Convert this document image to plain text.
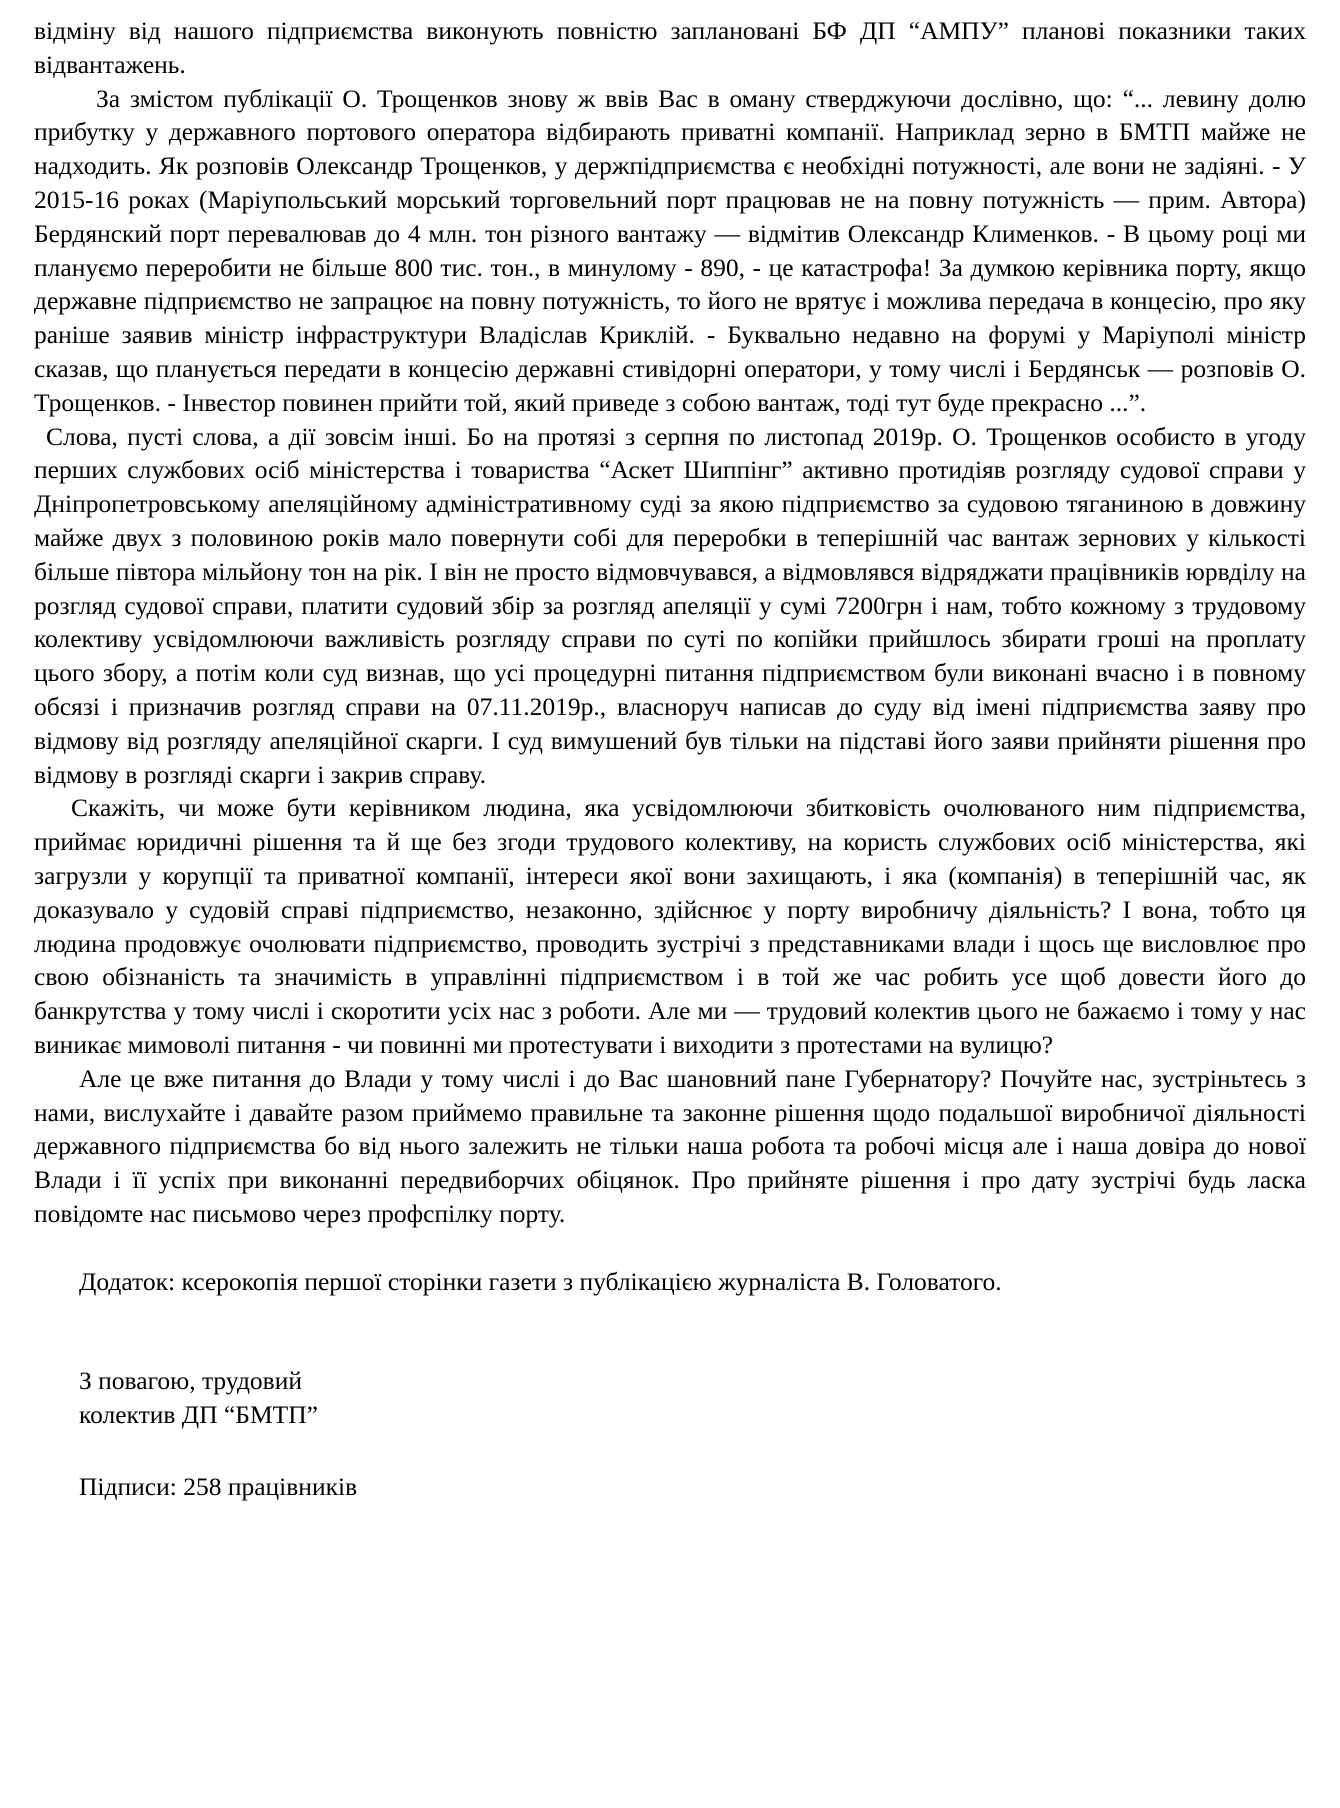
відміну від нашого підприємства виконують повністю заплановані БФ ДП “АМПУ” планові показники таких відвантажень.

За змістом публікації О. Трощенков знову ж ввів Вас в оману стверджуючи дослівно, що: “... левину долю прибутку у державного портового оператора відбирають приватні компанії. Наприклад зерно в БМТП майже не надходить. Як розповів Олександр Трощенков, у держпідприємства є необхідні потужності, але вони не задіяні. - У 2015-16 роках (Маріупольський морський торговельний порт працював не на повну потужність — прим. Автора) Бердянский порт перевалював до 4 млн. тон різного вантажу — відмітив Олександр Клименков. - В цьому році ми плануємо переробити не більше 800 тис. тон., в минулому - 890, - це катастрофа! За думкою керівника порту, якщо державне підприємство не запрацює на повну потужність, то його не врятує і можлива передача в концесію, про яку раніше заявив міністр інфраструктури Владіслав Криклій. - Буквально недавно на форумі у Маріуполі міністр сказав, що планується передати в концесію державні стивідорні оператори, у тому числі і Бердянськ — розповів О. Трощенков. - Інвестор повинен прийти той, який приведе з собою вантаж, тоді тут буде прекрасно ...”.

Слова, пусті слова, а дії зовсім інші. Бо на протязі з серпня по листопад 2019р. О. Трощенков особисто в угоду перших службових осіб міністерства і товариства “Аскет Шиппінг” активно протидіяв розгляду судової справи у Дніпропетровському апеляційному адміністративному суді за якою підприємство за судовою тяганиною в довжину майже двух з половиною років мало повернути собі для переробки в теперішній час вантаж зернових у кількості більше півтора мільйону тон на рік. І він не просто відмовчувався, а відмовлявся відряджати працівників юрвділу на розгляд судової справи, платити судовий збір за розгляд апеляції у сумі 7200грн і нам, тобто кожному з трудовому колективу усвідомлюючи важливість розгляду справи по суті по копійки прийшлось збирати гроші на проплату цього збору, а потім коли суд визнав, що усі процедурні питання підприємством були виконані вчасно і в повному обсязі і призначив розгляд справи на 07.11.2019р., власноруч написав до суду від імені підприємства заяву про відмову від розгляду апеляційної скарги. І суд вимушений був тільки на підставі його заяви прийняти рішення про відмову в розгляді скарги і закрив справу.

Скажіть, чи може бути керівником людина, яка усвідомлюючи збитковість очолюваного ним підприємства, приймає юридичні рішення та й ще без згоди трудового колективу, на користь службових осіб міністерства, які загрузли у корупції та приватної компанії, інтереси якої вони захищають, і яка (компанія) в теперішній час, як доказувало у судовій справі підприємство, незаконно, здійснює у порту виробничу діяльність? І вона, тобто ця людина продовжує очолювати підприємство, проводить зустрічі з представниками влади і щось ще висловлює про свою обізнаність та значимість в управлінні підприємством і в той же час робить усе щоб довести його до банкрутства у тому числі і скоротити усіх нас з роботи. Але ми — трудовий колектив цього не бажаємо і тому у нас виникає мимоволі питання - чи повинні ми протестувати і виходити з протестами на вулицю?

Але це вже питання до Влади у тому числі і до Вас шановний пане Губернатору? Почуйте нас, зустріньтесь з нами, вислухайте і давайте разом приймемо правильне та законне рішення щодо подальшої виробничої діяльності державного підприємства бо від нього залежить не тільки наша робота та робочі місця але і наша довіра до нової Влади і її успіх при виконанні передвиборчих обіцянок. Про прийняте рішення і про дату зустрічі будь ласка повідомте нас письмово через профспілку порту.

Додаток: ксерокопія першої сторінки газети з публікацією журналіста В. Головатого.

З повагою, трудовий
колектив ДП “БМТП”

Підписи: 258 працівників
